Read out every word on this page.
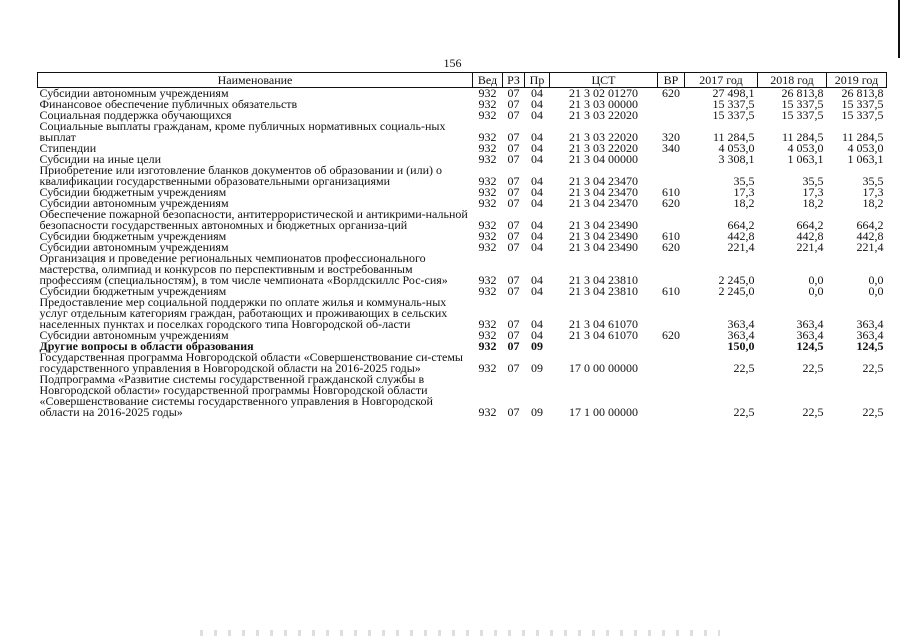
156
Наименование	Вед	РЗ	Пр	ЦСТ	ВР	2017 год	2018 год	2019 год
Субсидии автономным учреждениям	932	07	04	21 3 02 01270	620	27 498,1	26 813,8	26 813,8
Финансовое обеспечение публичных обязательств	932	07	04	21 3 03 00000		15 337,5	15 337,5	15 337,5
Социальная поддержка обучающихся	932	07	04	21 3 03 22020		15 337,5	15 337,5	15 337,5
Социальные выплаты гражданам, кроме публичных нормативных социаль-ных выплат	932	07	04	21 3 03 22020	320	11 284,5	11 284,5	11 284,5
Стипендии	932	07	04	21 3 03 22020	340	4 053,0	4 053,0	4 053,0
Субсидии на иные цели	932	07	04	21 3 04 00000		3 308,1	1 063,1	1 063,1
Приобретение или изготовление бланков документов об образовании и (или) о квалификации государственными образовательными организациями	932	07	04	21 3 04 23470		35,5	35,5	35,5
Субсидии бюджетным учреждениям	932	07	04	21 3 04 23470	610	17,3	17,3	17,3
Субсидии автономным учреждениям	932	07	04	21 3 04 23470	620	18,2	18,2	18,2
Обеспечение пожарной безопасности, антитеррористической и антикрими-нальной безопасности государственных автономных и бюджетных организа-ций	932	07	04	21 3 04 23490		664,2	664,2	664,2
Субсидии бюджетным учреждениям	932	07	04	21 3 04 23490	610	442,8	442,8	442,8
Субсидии автономным учреждениям	932	07	04	21 3 04 23490	620	221,4	221,4	221,4
Организация и проведение региональных чемпионатов профессионального мастерства, олимпиад и конкурсов по перспективным и востребованным профессиям (специальностям), в том числе чемпионата «Ворлдскиллс Рос-сия»	932	07	04	21 3 04 23810		2 245,0	0,0	0,0
Субсидии бюджетным учреждениям	932	07	04	21 3 04 23810	610	2 245,0	0,0	0,0
Предоставление мер социальной поддержки по оплате жилья и коммуналь-ных услуг отдельным категориям граждан, работающих и проживающих в сельских населенных пунктах и поселках городского типа Новгородской об-ласти	932	07	04	21 3 04 61070		363,4	363,4	363,4
Субсидии автономным учреждениям	932	07	04	21 3 04 61070	620	363,4	363,4	363,4
Другие вопросы в области образования	932	07	09			150,0	124,5	124,5
Государственная программа Новгородской области «Совершенствование си-стемы государственного управления в Новгородской области на 2016-2025 годы»	932	07	09	17 0 00 00000		22,5	22,5	22,5
Подпрограмма «Развитие системы государственной гражданской службы в Новгородской области» государственной программы Новгородской области «Совершенствование системы государственного управления в Новгородской области на 2016-2025 годы»	932	07	09	17 1 00 00000		22,5	22,5	22,5
